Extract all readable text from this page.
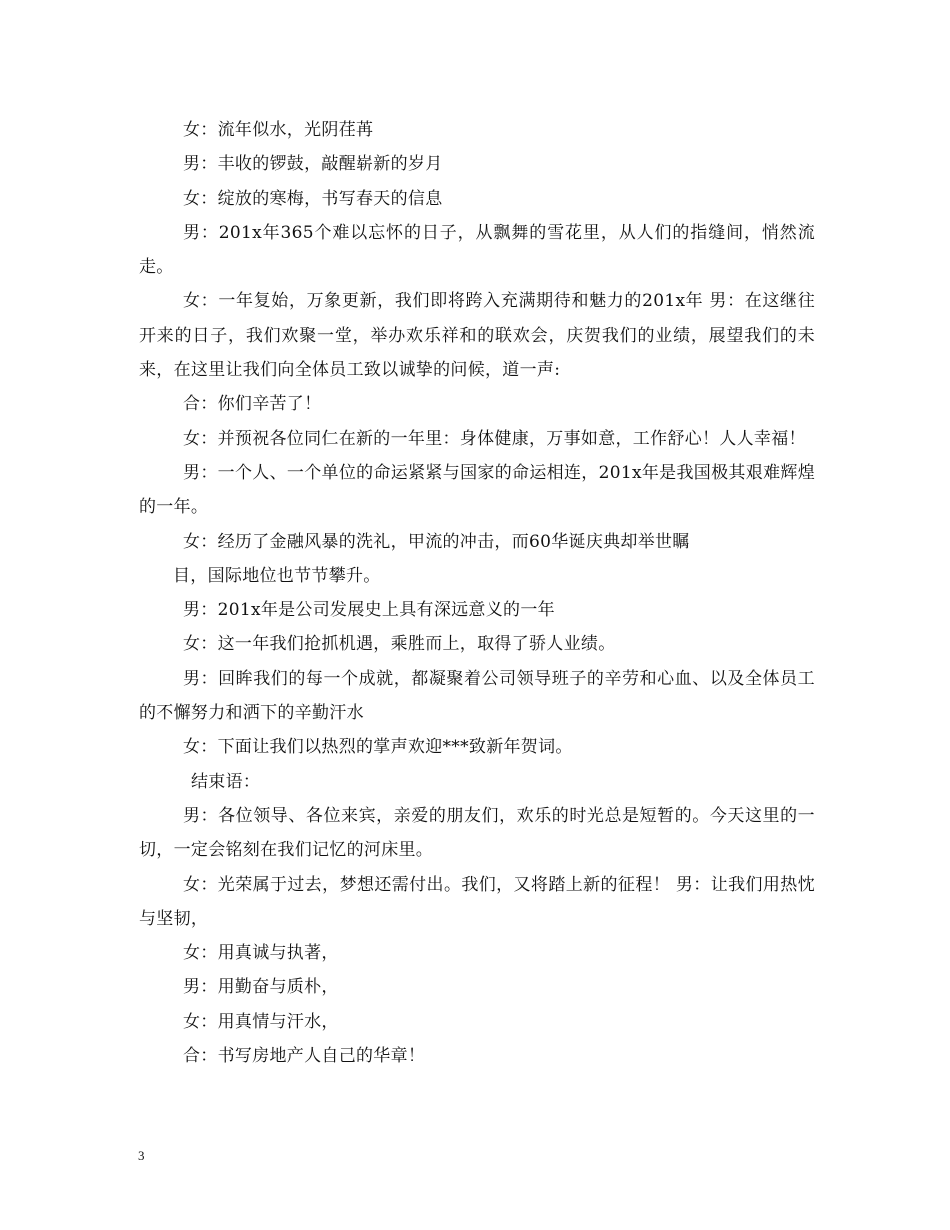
女：流年似水，光阴荏苒

男：丰收的锣鼓，敲醒崭新的岁月

女：绽放的寒梅，书写春天的信息

男：201x年365个难以忘怀的日子，从飘舞的雪花里，从人们的指缝间，悄然流走。

女：一年复始，万象更新，我们即将跨入充满期待和魅力的201x年 男：在这继往开来的日子，我们欢聚一堂，举办欢乐祥和的联欢会，庆贺我们的业绩，展望我们的未来，在这里让我们向全体员工致以诚挚的问候，道一声:

合：你们辛苦了！

女：并预祝各位同仁在新的一年里：身体健康，万事如意，工作舒心！人人幸福！

男：一个人、一个单位的命运紧紧与国家的命运相连，201x年是我国极其艰难辉煌的一年。

女：经历了金融风暴的洗礼，甲流的冲击，而60华诞庆典却举世瞩

目，国际地位也节节攀升。

男：201x年是公司发展史上具有深远意义的一年

女：这一年我们抢抓机遇，乘胜而上，取得了骄人业绩。

男：回眸我们的每一个成就，都凝聚着公司领导班子的辛劳和心血、以及全体员工的不懈努力和洒下的辛勤汗水

女：下面让我们以热烈的掌声欢迎***致新年贺词。

结束语：

男：各位领导、各位来宾，亲爱的朋友们，欢乐的时光总是短暂的。今天这里的一切，一定会铭刻在我们记忆的河床里。

女：光荣属于过去，梦想还需付出。我们，又将踏上新的征程！ 男：让我们用热忱与坚韧，

女：用真诚与执著，

男：用勤奋与质朴，

女：用真情与汗水，

合：书写房地产人自己的华章！

3
